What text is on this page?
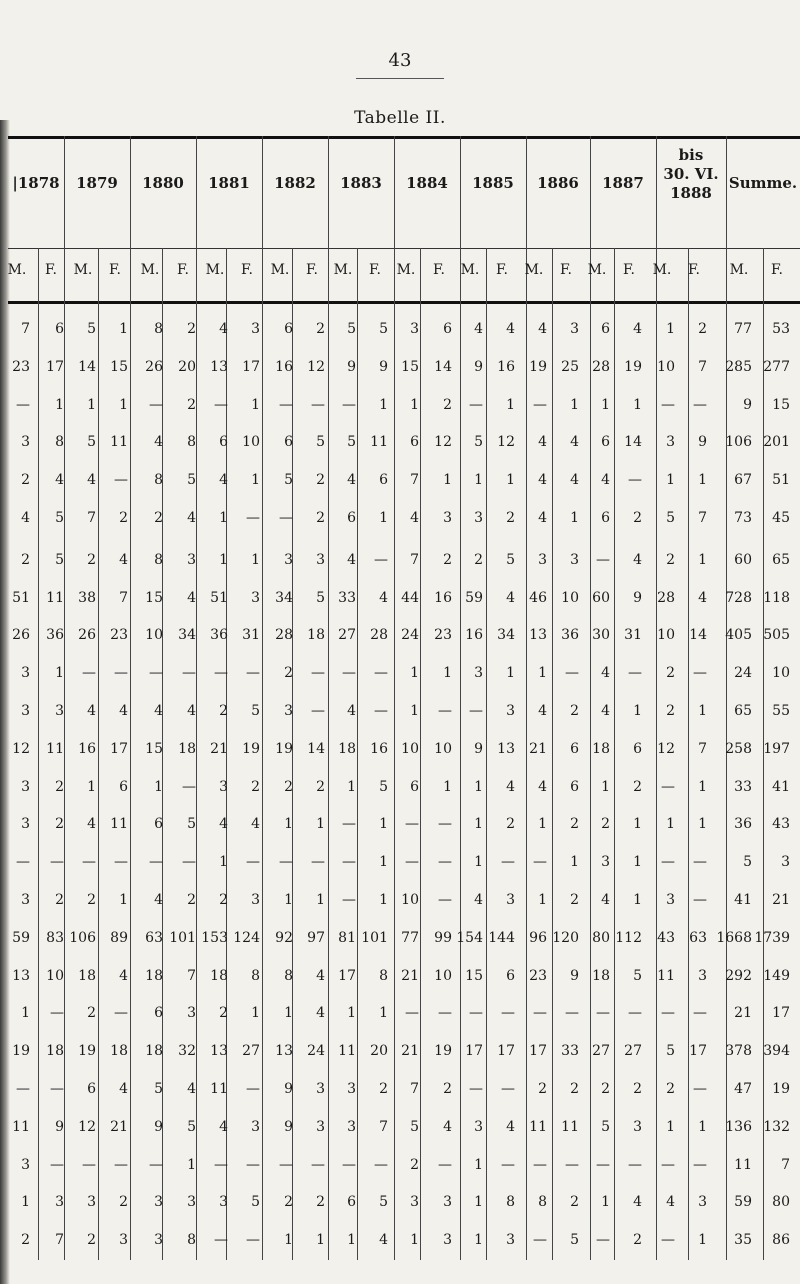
43
Tabelle II.
|1878	1879	1880	1881	1882	1883	1884	1885	1886	1887
bis
30. VI.
1888
Summe.
M.	F.	M.	F.	M.	F.	M.	F.	M.	F.	M.	F.	M.	F.	M.	F.	M.	F.	M.	F.	M.	F.	M.	F.
7	6	5	1	8	2	4	3	6	2	5	5	3	6	4	4	4	3	6	4	1	2	77	53
23	17	14	15	26	20	13	17	16	12	9	9 15	14	9	16	19	25 28	19	10	7	285 277
—	1	1	1	—	2	—	1	—	—	—	1	1	2	—	1	—	1	1	1	—	—	9	15
3	8	5	11	4	8	6	10	6	5	5	11	6	12	5	12	4	4	6	14	3	9	106 201
2	4	4	—	8	5	4	1	5	2	4	6	7	1	1	1	4	4	4	—	1	1	67	51
4	5	7	2	2	4	1	—	—	2	6	1	4	3	3	2	4	1	6	2	5	7	73	45
2	5	2	4	8	3	1	1	3	3	4	—	7	2	2	5	3	3	—	4	2	1	60	65
51	11	38	7	15	4	51	3	34	5 33	4 44	16 59	4	46	10 60	9	28	4	728 118
26	36	26	23	10	34	36	31	28	18 27	28 24	23 16	34	13	36 30	31	10	14	405 505
3	1	—	—	—	—	—	—	2	—	—	—	1	1	3	1	1	—	4	—	2	—	24	10
3	3	4	4	4	4	2	5	3	—	4	—	1	—	—	3	4	2	4	1	2	1	65	55
12	11	16	17	15	18	21	19	19	14 18	16 10	10	9	13	21	6 18	6	12	7	258 197
3	2	1	6	1	—	3	2	2	2	1	5	6	1	1	4	4	6	1	2	—	1	33	41
3	2	4	11	6	5	4	4	1	1	—	1	—	—	1	2	1	2	2	1	1	1	36	43
—	—	—	—	—	—	1	—	—	—	—	1	—	—	1	—	—	1	3	1	—	—	5	3
3	2	2	1	4	2	2	3	1	1	—	1 10	—	4	3	1	2	4	1	3	—	41	21
59	83 106	89	63 101 153 124	92	97 81 101 77	99 154 144	96 120 80 112	43	63 1668 1739
13	10	18	4	18	7	18	8	8	4 17	8 21	10 15	6	23	9 18	5	11	3	292 149
1	—	2	—	6	3	2	1	1	4	1	1	—	—	—	—	—	—	—	—	—	—	21	17
19	18	19	18	18	32	13	27	13	24 11	20 21	19 17	17	17	33 27	27	5	17	378 394
—	—	6	4	5	4	11	—	9	3	3	2	7	2	—	—	2	2	2	2	2	—	47	19
11	9	12	21	9	5	4	3	9	3	3	7	5	4	3	4	11	11	5	3	1	1	136 132
3	—	—	—	—	1	—	—	—	—	—	—	2	—	1	—	—	—	—	—	—	—	11	7
1	3	3	2	3	3	3	5	2	2	6	5	3	3	1	8	8	2	1	4	4	3	59	80
2	7	2	3	3	8	—	—	1	1	1	4	1	3	1	3	—	5	—	2	—	1	35	86
